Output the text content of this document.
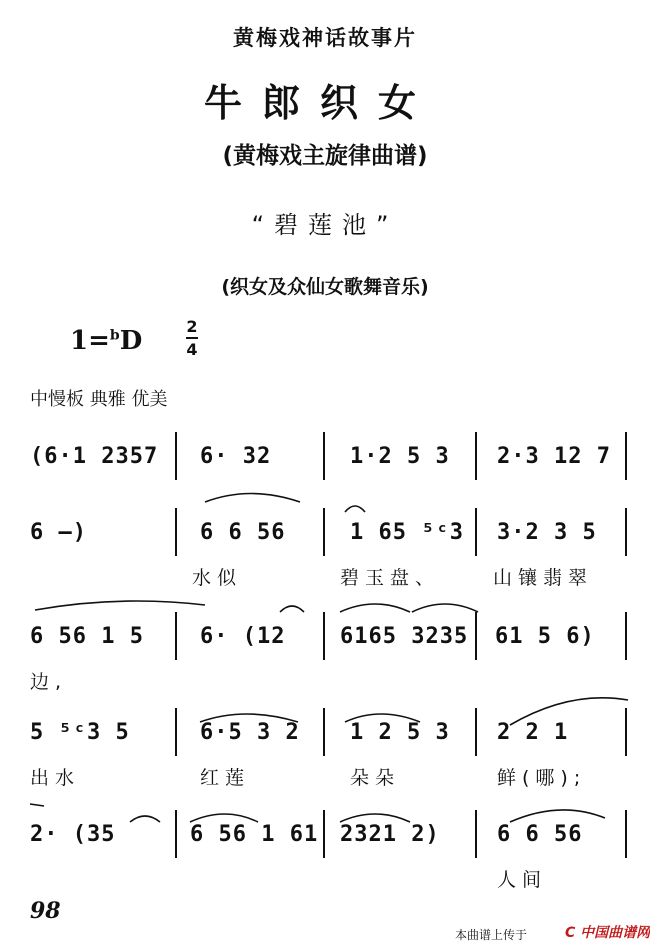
黄梅戏神话故事片
牛郎织女
(黄梅戏主旋律曲谱)
“碧莲池”
(织女及众仙女歌舞音乐)
1=$^b$D	2
4
中慢板 典雅 优美
(6·1 2357 6· 32	1·2 5 3 2·3 12 7
6 —)	6 6 56	1 65 ⁵ᶜ3 3·2 3 5
水似	碧玉盘、	山镶翡翠
6 56 1 5	6· (12 6165 3235 61 5 6)
边,
5 ⁵ᶜ3 5	6·5 3 2 1 2 5 3 2 2 1
出水	红莲	朵朵	鲜(哪);
2· (35	6 56 1 61 2321 2)	6 6 56
人间
98
本曲谱上传于	C 中国曲谱网
